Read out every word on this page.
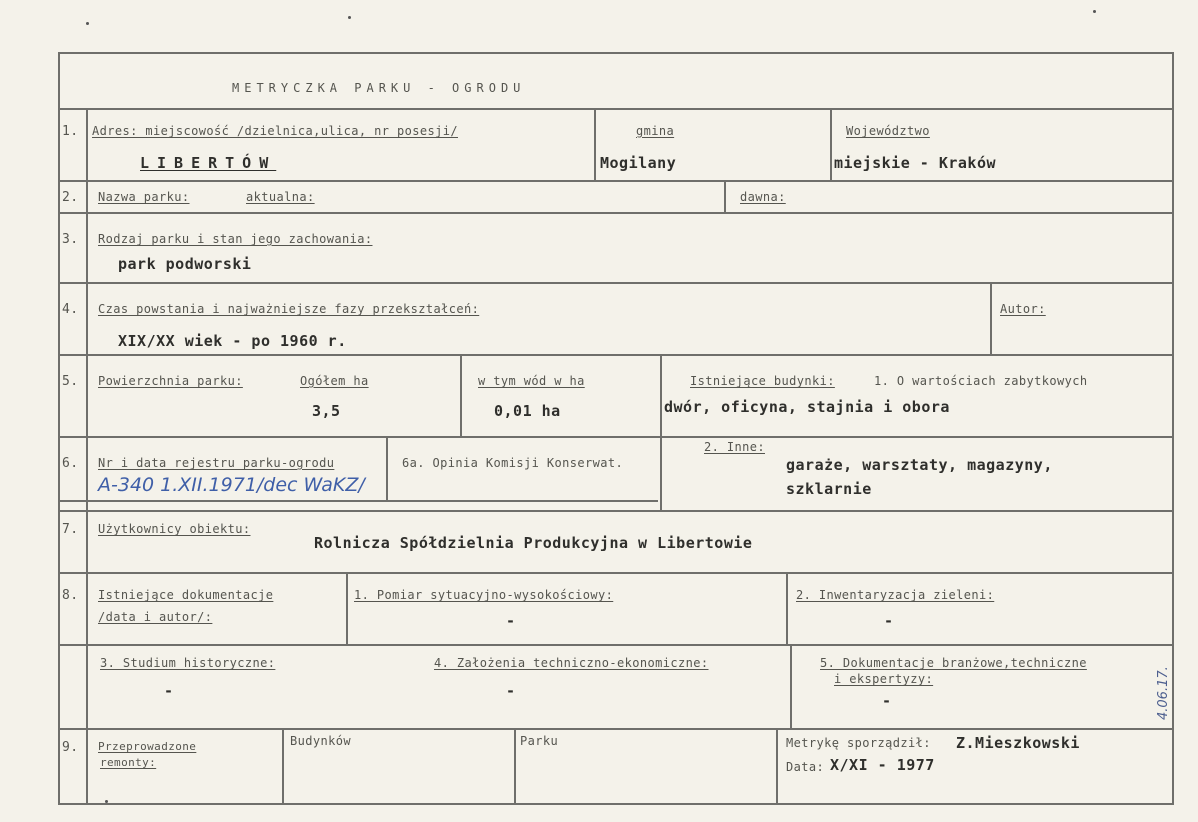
METRYCZKA PARKU - OGRODU
1. Adres: miejscowość /dzielnica,ulica, nr posesji/	gmina	Województwo
LIBERTÓW	Mogilany	miejskie - Kraków
2. Nazwa parku:	aktualna:	dawna:
3. Rodzaj parku i stan jego zachowania:
park podworski
4. Czas powstania i najważniejsze fazy przekształceń:	Autor:
XIX/XX wiek - po 1960 r.
5. Powierzchnia parku:	Ogółem ha
3,5
w tym wód w ha
0,01 ha
Istniejące budynki:	1. O wartościach zabytkowych
dwór, oficyna, stajnia i obora
6. Nr i data rejestru parku-ogrodu
A-340 1.XII.1971/dec WaKZ/
6a. Opinia Komisji Konserwat.
2. Inne:
garaże, warsztaty, magazyny,
szklarnie
7. Użytkownicy obiektu:
Rolnicza Spółdzielnia Produkcyjna w Libertowie
8. Istniejące dokumentacje
/data i autor/:
1. Pomiar sytuacyjno-wysokościowy:
-
2. Inwentaryzacja zieleni:
-
3. Studium historyczne:
-
4. Założenia techniczno-ekonomiczne:
-
5. Dokumentacje branżowe,techniczne
i ekspertyzy:
-
9. Przeprowadzone
remonty:
Budynków	Parku	Metrykę sporządził: Z.Mieszkowski
Data: X/XI - 1977
4.06.17.
